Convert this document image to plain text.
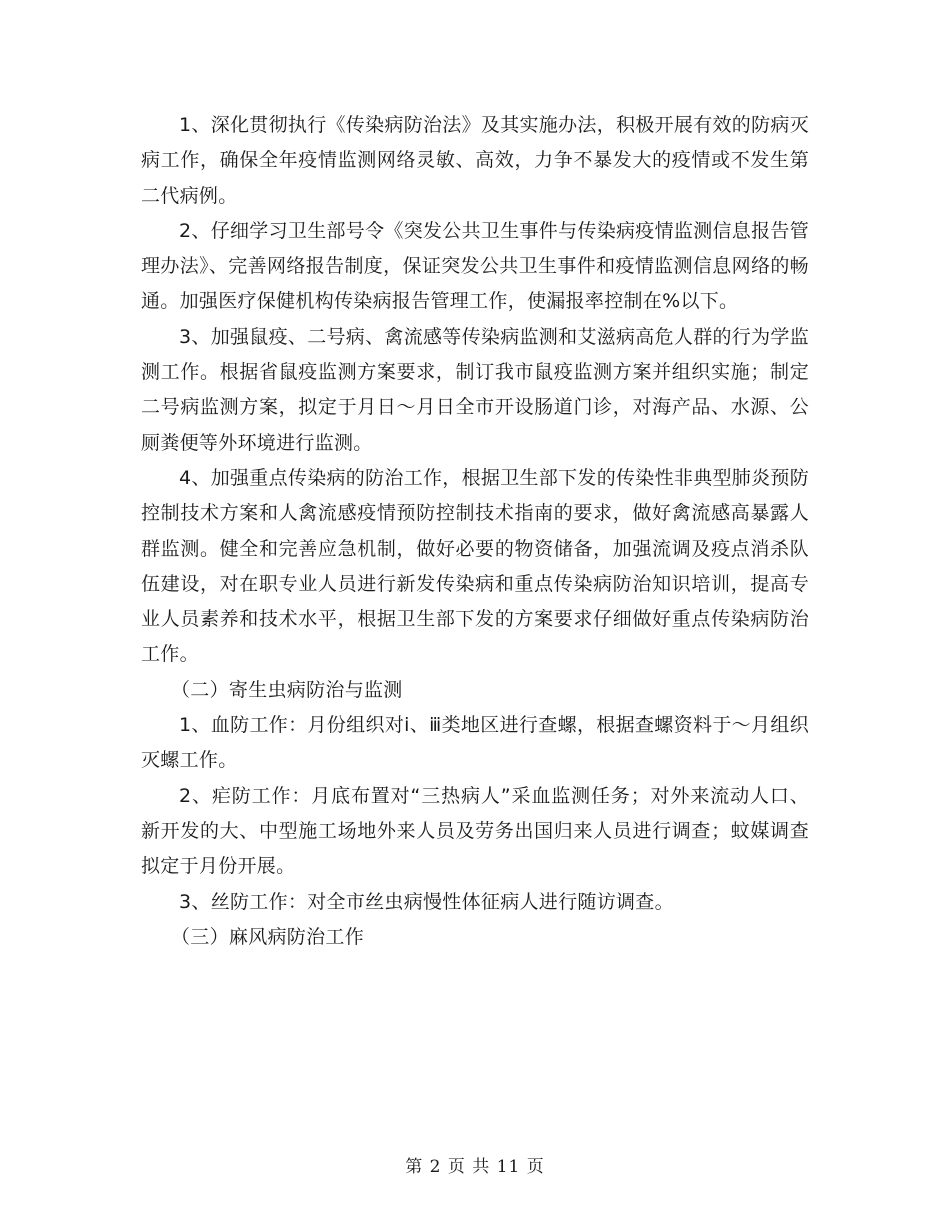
1、深化贯彻执行《传染病防治法》及其实施办法，积极开展有效的防病灭病工作，确保全年疫情监测网络灵敏、高效，力争不暴发大的疫情或不发生第二代病例。

2、仔细学习卫生部号令《突发公共卫生事件与传染病疫情监测信息报告管理办法》、完善网络报告制度，保证突发公共卫生事件和疫情监测信息网络的畅通。加强医疗保健机构传染病报告管理工作，使漏报率控制在%以下。

3、加强鼠疫、二号病、禽流感等传染病监测和艾滋病高危人群的行为学监测工作。根据省鼠疫监测方案要求，制订我市鼠疫监测方案并组织实施；制定二号病监测方案，拟定于月日～月日全市开设肠道门诊，对海产品、水源、公厕粪便等外环境进行监测。

4、加强重点传染病的防治工作，根据卫生部下发的传染性非典型肺炎预防控制技术方案和人禽流感疫情预防控制技术指南的要求，做好禽流感高暴露人群监测。健全和完善应急机制，做好必要的物资储备，加强流调及疫点消杀队伍建设，对在职专业人员进行新发传染病和重点传染病防治知识培训，提高专业人员素养和技术水平，根据卫生部下发的方案要求仔细做好重点传染病防治工作。

（二）寄生虫病防治与监测

1、血防工作：月份组织对ⅰ、ⅲ类地区进行查螺，根据查螺资料于～月组织灭螺工作。

2、疟防工作：月底布置对“三热病人”采血监测任务；对外来流动人口、新开发的大、中型施工场地外来人员及劳务出国归来人员进行调查；蚊媒调查拟定于月份开展。

3、丝防工作：对全市丝虫病慢性体征病人进行随访调查。

（三）麻风病防治工作

第 2 页 共 11 页
